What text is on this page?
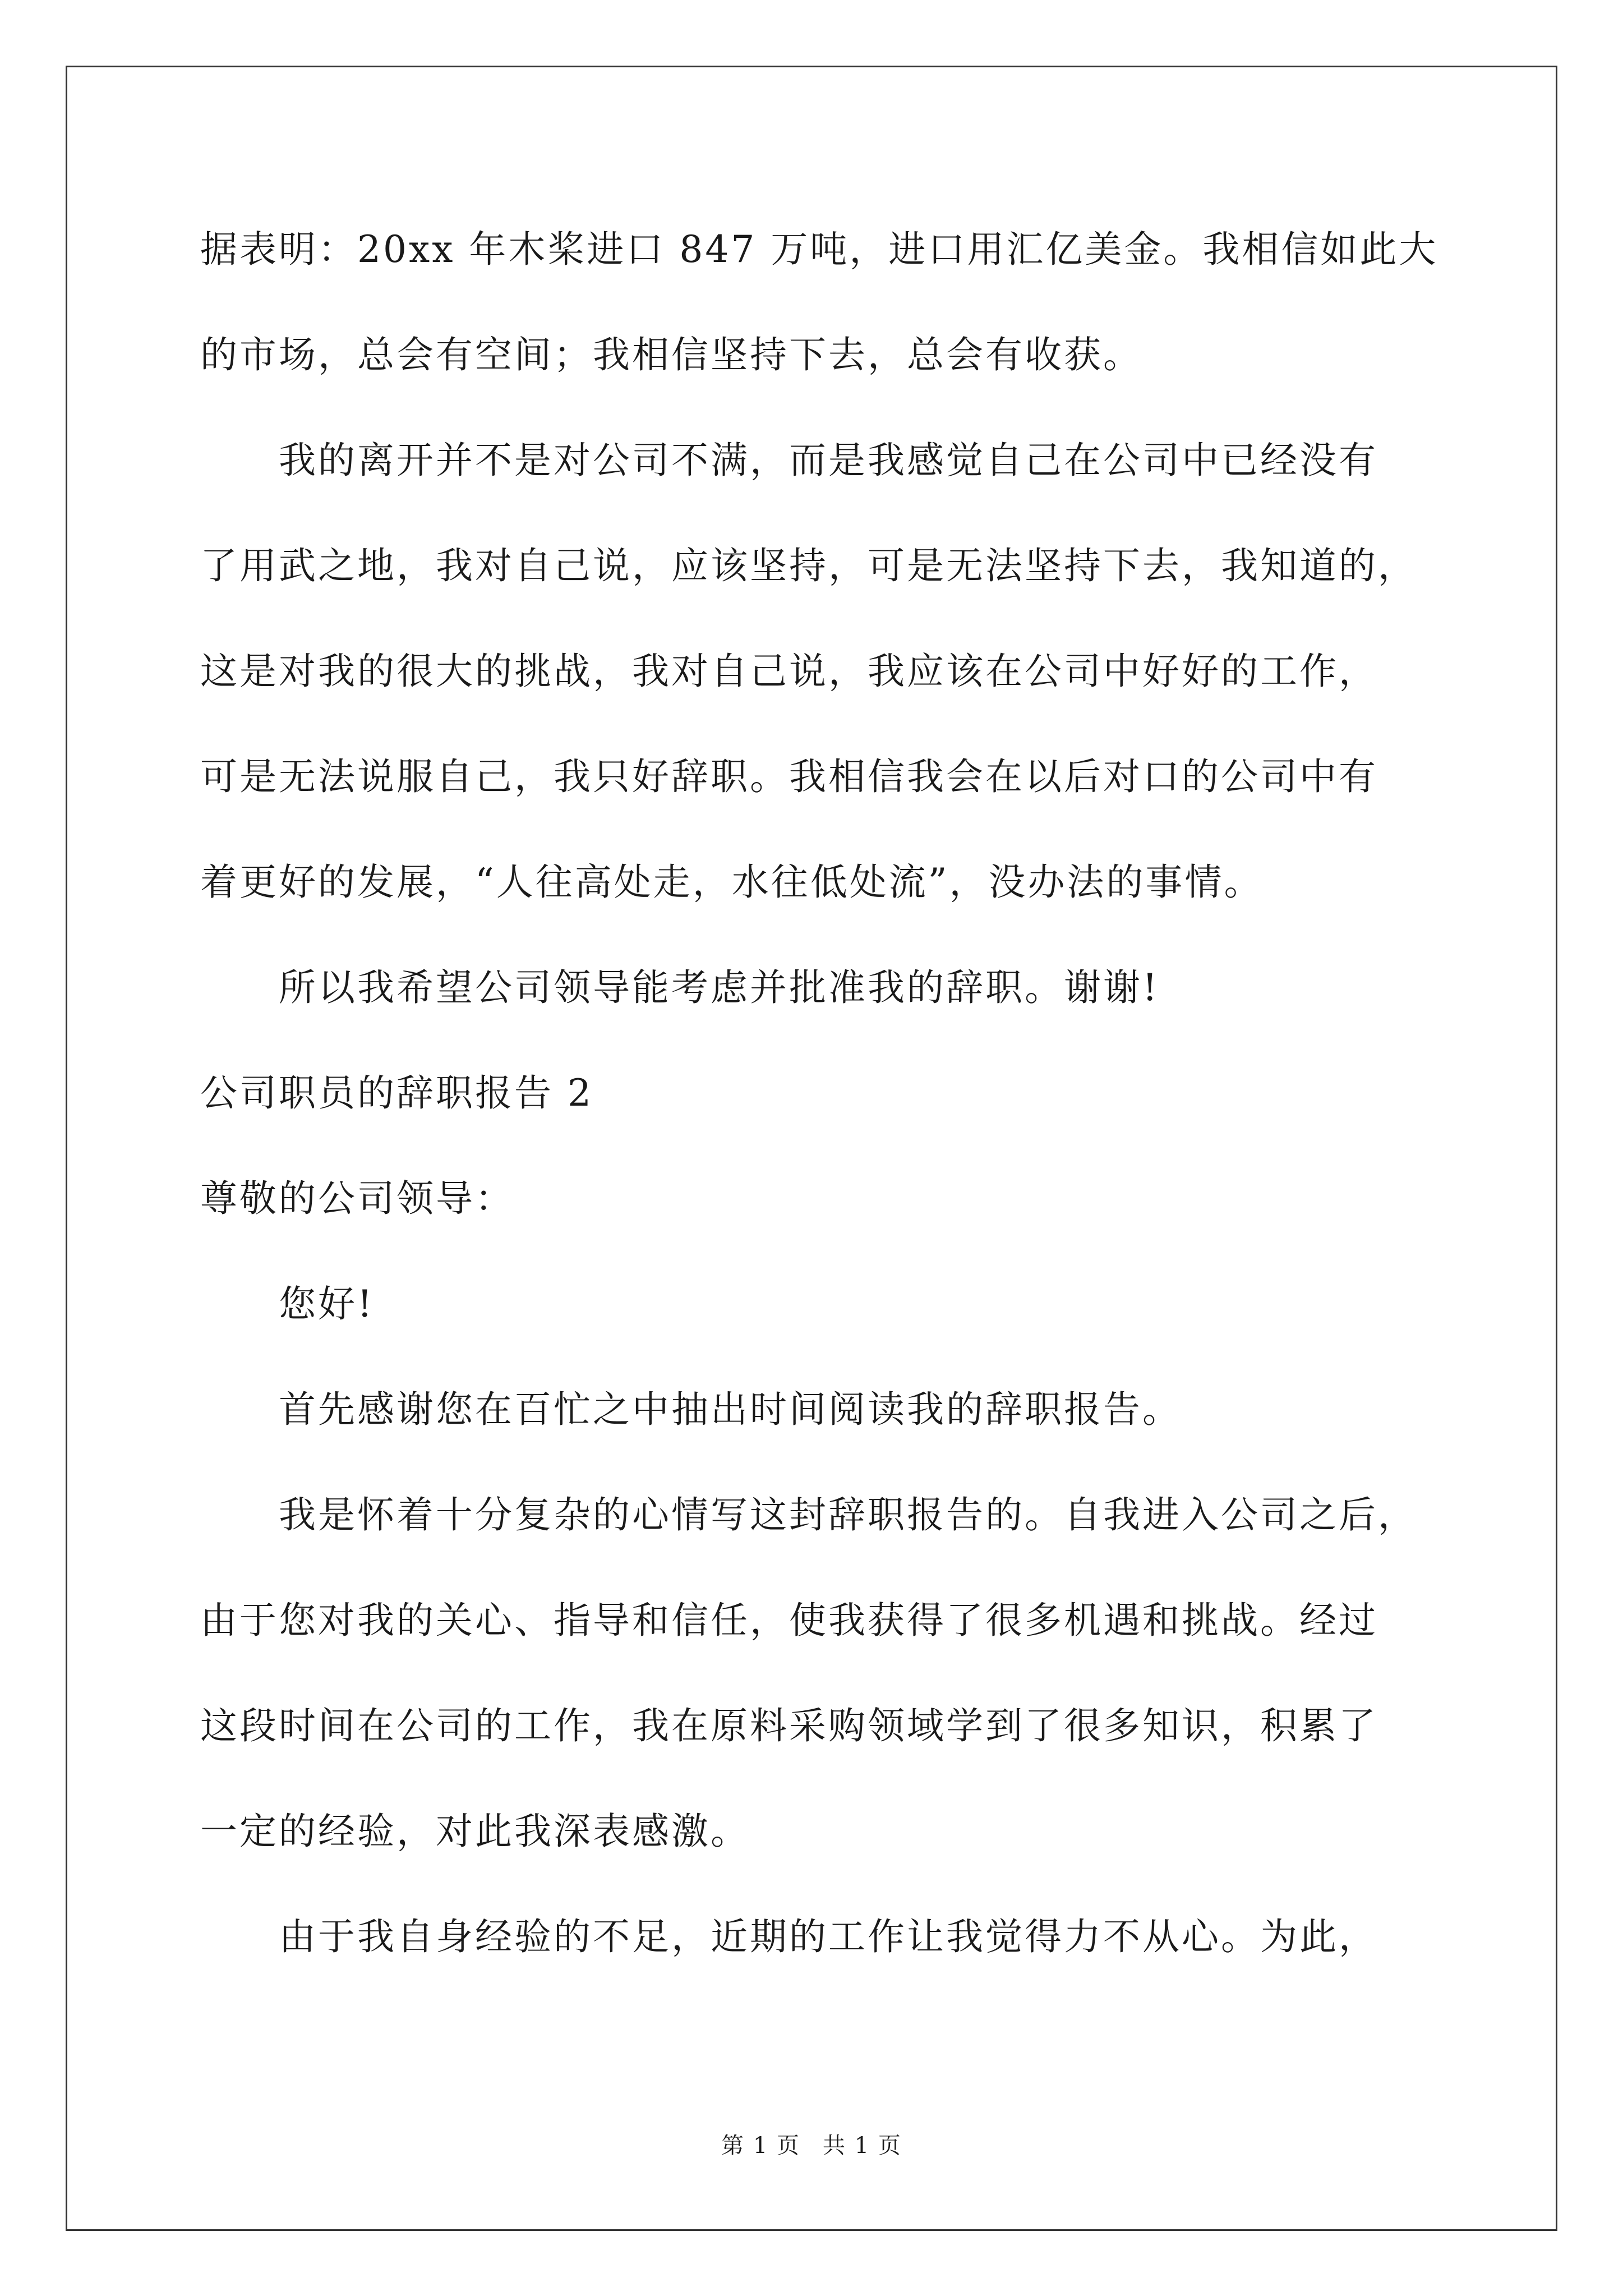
据表明：20xx 年木桨进口 847 万吨，进口用汇亿美金。我相信如此大
的市场，总会有空间；我相信坚持下去，总会有收获。
我的离开并不是对公司不满，而是我感觉自己在公司中已经没有
了用武之地，我对自己说，应该坚持，可是无法坚持下去，我知道的，
这是对我的很大的挑战，我对自己说，我应该在公司中好好的工作，
可是无法说服自己，我只好辞职。我相信我会在以后对口的公司中有
着更好的发展，“人往高处走，水往低处流”，没办法的事情。
所以我希望公司领导能考虑并批准我的辞职。谢谢!
公司职员的辞职报告 2
尊敬的公司领导：
您好!
首先感谢您在百忙之中抽出时间阅读我的辞职报告。
我是怀着十分复杂的心情写这封辞职报告的。自我进入公司之后，
由于您对我的关心、指导和信任，使我获得了很多机遇和挑战。经过
这段时间在公司的工作，我在原料采购领域学到了很多知识，积累了
一定的经验，对此我深表感激。
由于我自身经验的不足，近期的工作让我觉得力不从心。为此，
第 1 页 共 1 页
